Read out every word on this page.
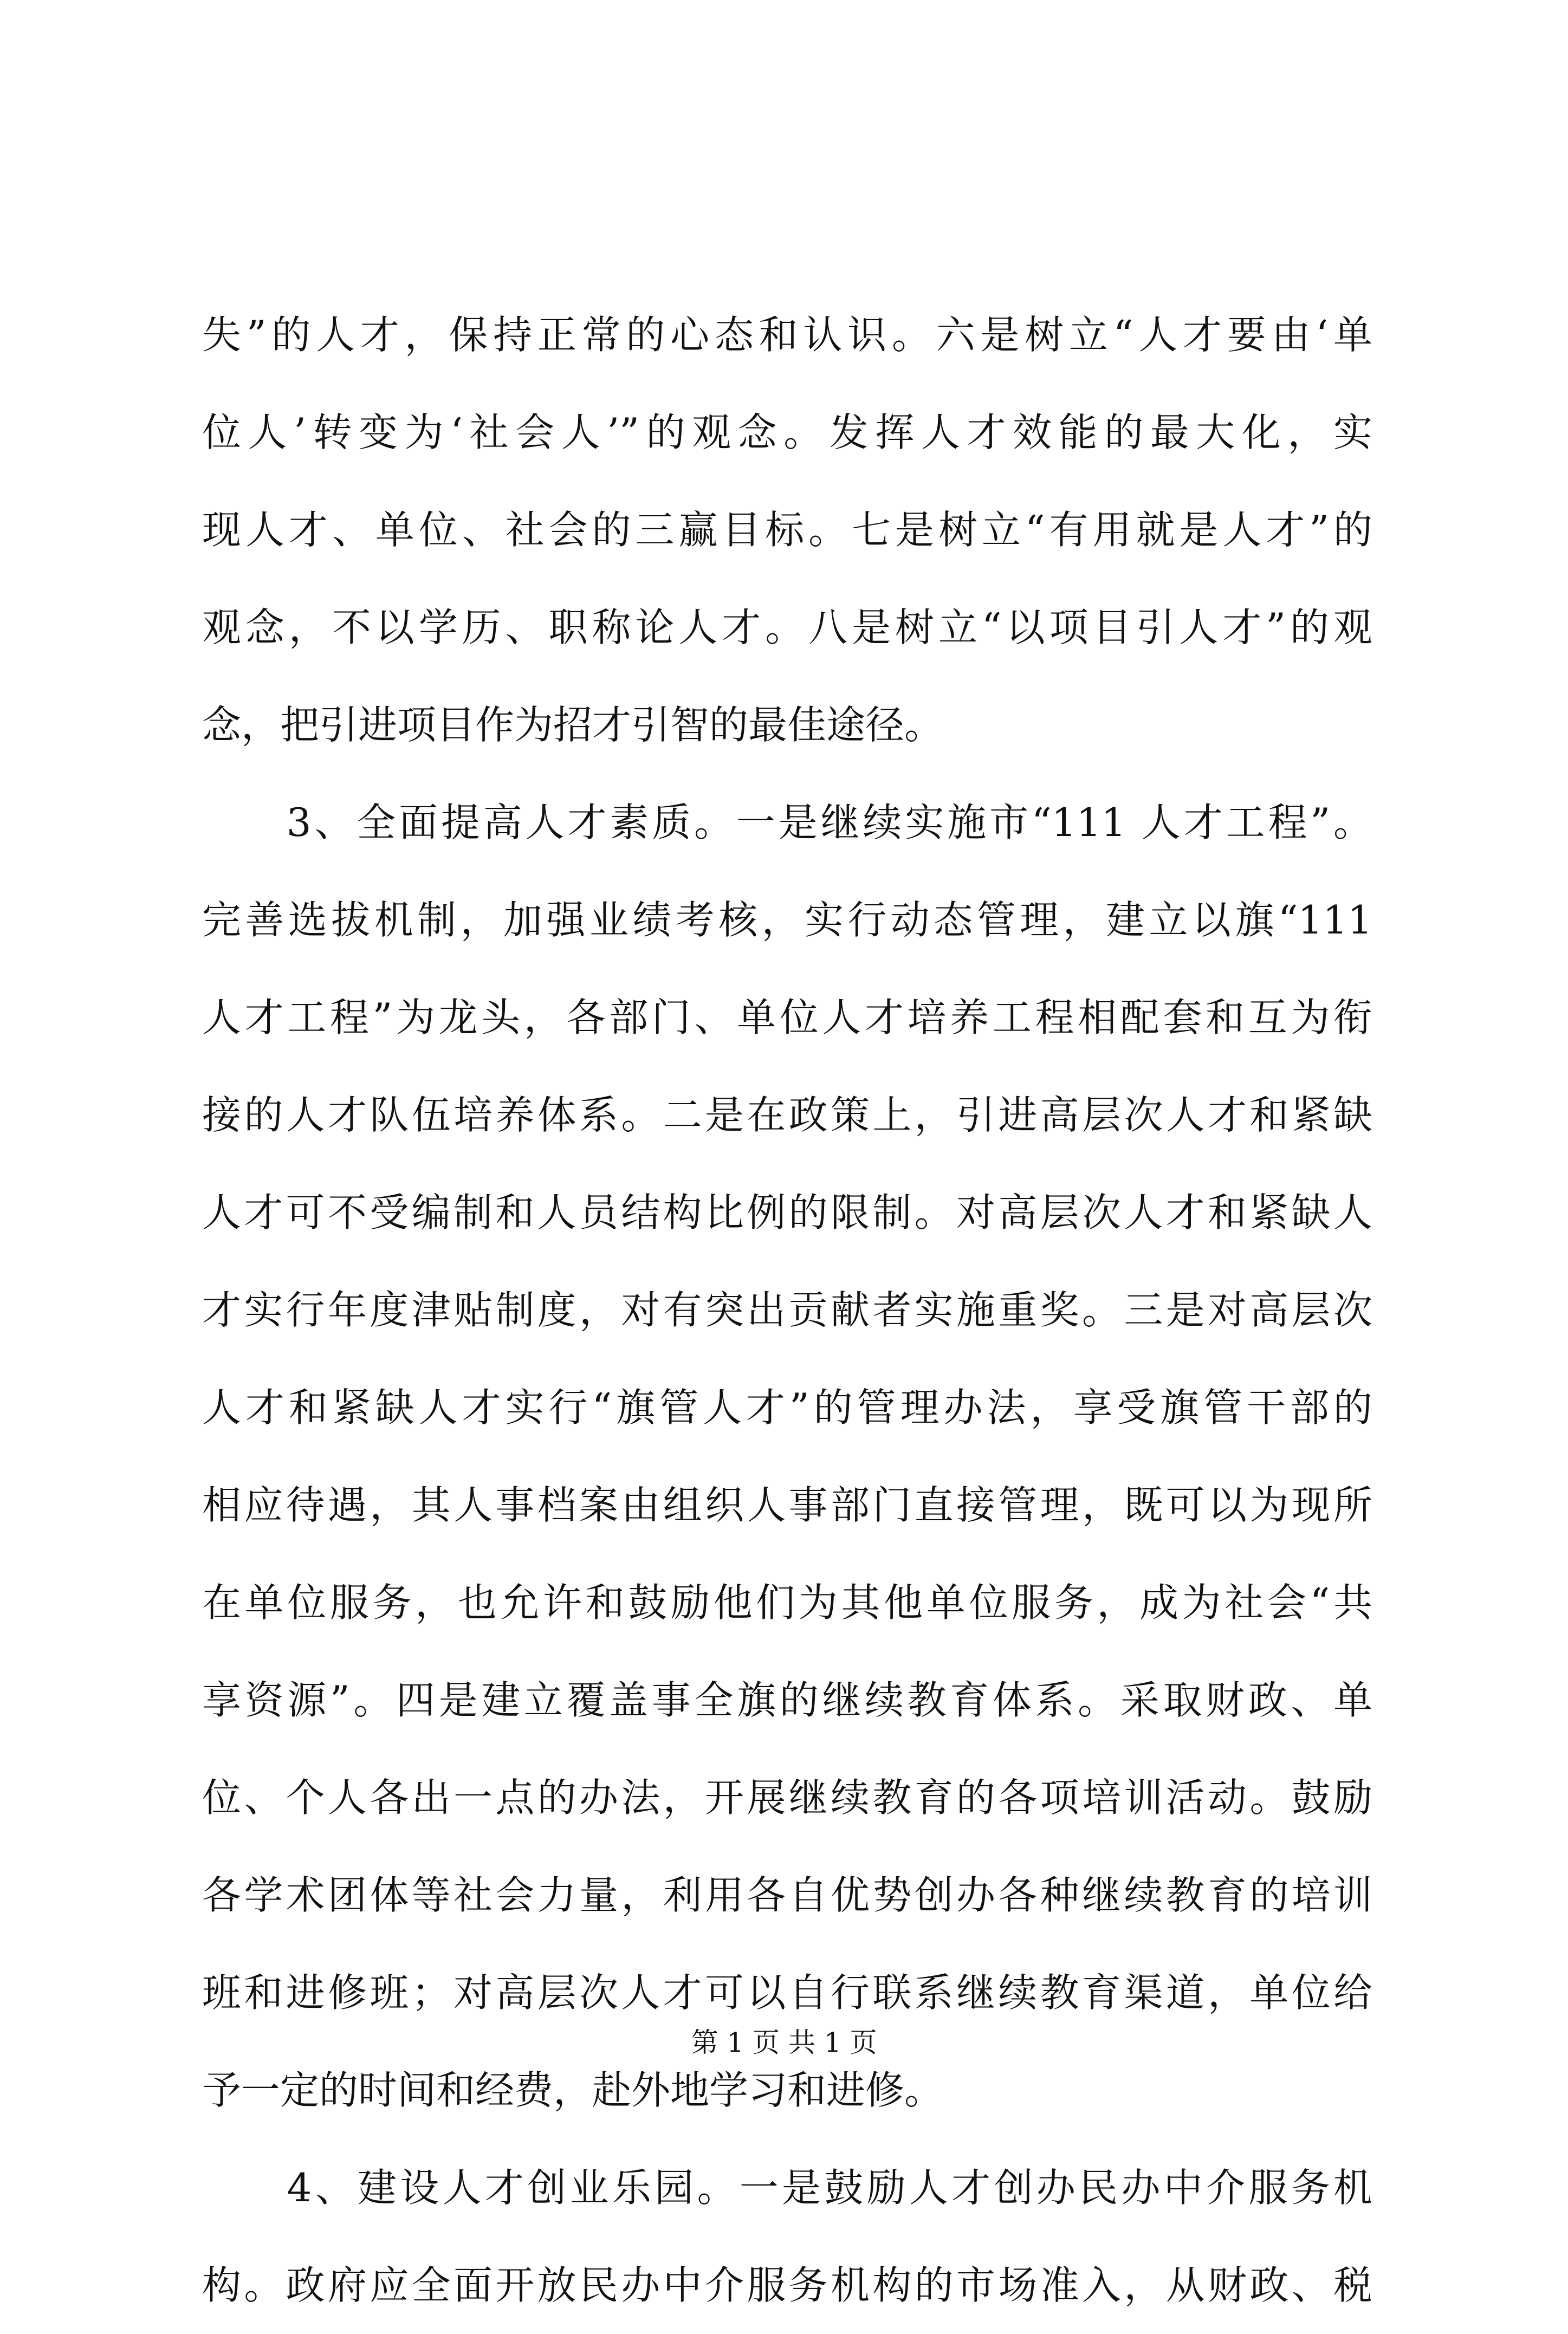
失”的人才，保持正常的心态和认识。六是树立“人才要由‘单
位人’转变为‘社会人’”的观念。发挥人才效能的最大化，实
现人才、单位、社会的三赢目标。七是树立“有用就是人才”的
观念，不以学历、职称论人才。八是树立“以项目引人才”的观
念，把引进项目作为招才引智的最佳途径。
　　3、全面提高人才素质。一是继续实施市“111 人才工程”。
完善选拔机制，加强业绩考核，实行动态管理，建立以旗“111
人才工程”为龙头，各部门、单位人才培养工程相配套和互为衔
接的人才队伍培养体系。二是在政策上，引进高层次人才和紧缺
人才可不受编制和人员结构比例的限制。对高层次人才和紧缺人
才实行年度津贴制度，对有突出贡献者实施重奖。三是对高层次
人才和紧缺人才实行“旗管人才”的管理办法，享受旗管干部的
相应待遇，其人事档案由组织人事部门直接管理，既可以为现所
在单位服务，也允许和鼓励他们为其他单位服务，成为社会“共
享资源”。四是建立覆盖事全旗的继续教育体系。采取财政、单
位、个人各出一点的办法，开展继续教育的各项培训活动。鼓励
各学术团体等社会力量，利用各自优势创办各种继续教育的培训
班和进修班；对高层次人才可以自行联系继续教育渠道，单位给
予一定的时间和经费，赴外地学习和进修。
　　4、建设人才创业乐园。一是鼓励人才创办民办中介服务机
构。政府应全面开放民办中介服务机构的市场准入，从财政、税
第 1 页 共 1 页
